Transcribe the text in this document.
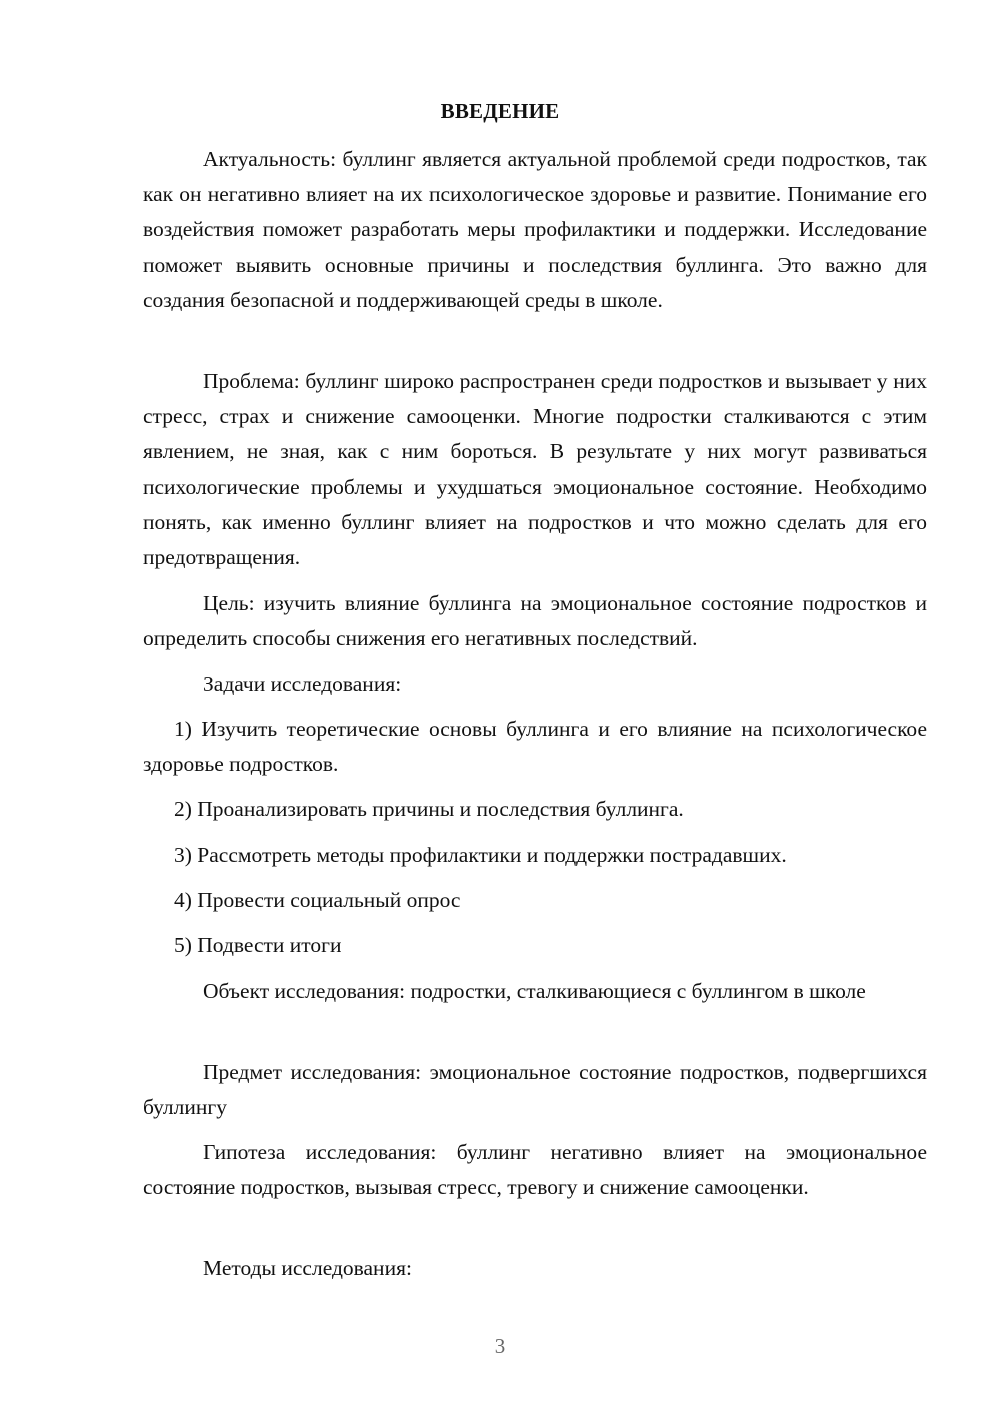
ВВЕДЕНИЕ

Актуальность: буллинг является актуальной проблемой среди подростков, так как он негативно влияет на их психологическое здоровье и развитие. Понимание его воздействия поможет разработать меры профилактики и поддержки. Исследование поможет выявить основные причины и последствия буллинга. Это важно для создания безопасной и поддерживающей среды в школе.

Проблема: буллинг широко распространен среди подростков и вызывает у них стресс, страх и снижение самооценки. Многие подростки сталкиваются с этим явлением, не зная, как с ним бороться. В результате у них могут развиваться психологические проблемы и ухудшаться эмоциональное состояние. Необходимо понять, как именно буллинг влияет на подростков и что можно сделать для его предотвращения.

Цель: изучить влияние буллинга на эмоциональное состояние подростков и определить способы снижения его негативных последствий.

Задачи исследования:

1) Изучить теоретические основы буллинга и его влияние на психологическое здоровье подростков.

2) Проанализировать причины и последствия буллинга.

3) Рассмотреть методы профилактики и поддержки пострадавших.

4) Провести социальный опрос

5) Подвести итоги

Объект исследования: подростки, сталкивающиеся с буллингом в школе

Предмет исследования: эмоциональное состояние подростков, подвергшихся буллингу

Гипотеза исследования: буллинг негативно влияет на эмоциональное состояние подростков, вызывая стресс, тревогу и снижение самооценки.

Методы исследования:

3
